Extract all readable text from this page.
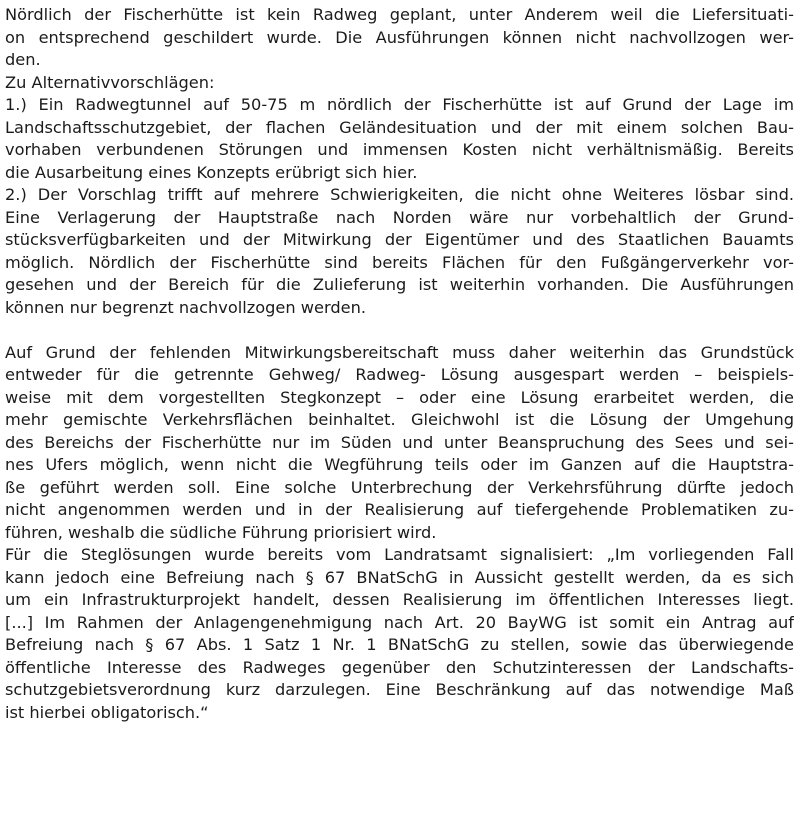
Nördlich der Fischerhütte ist kein Radweg geplant, unter Anderem weil die Liefersituati-
on entsprechend geschildert wurde. Die Ausführungen können nicht nachvollzogen wer-
den.
Zu Alternativvorschlägen:
1.) Ein Radwegtunnel auf 50-75 m nördlich der Fischerhütte ist auf Grund der Lage im
Landschaftsschutzgebiet, der flachen Geländesituation und der mit einem solchen Bau-
vorhaben verbundenen Störungen und immensen Kosten nicht verhältnismäßig. Bereits
die Ausarbeitung eines Konzepts erübrigt sich hier.
2.) Der Vorschlag trifft auf mehrere Schwierigkeiten, die nicht ohne Weiteres lösbar sind.
Eine Verlagerung der Hauptstraße nach Norden wäre nur vorbehaltlich der Grund-
stücksverfügbarkeiten und der Mitwirkung der Eigentümer und des Staatlichen Bauamts
möglich. Nördlich der Fischerhütte sind bereits Flächen für den Fußgängerverkehr vor-
gesehen und der Bereich für die Zulieferung ist weiterhin vorhanden. Die Ausführungen
können nur begrenzt nachvollzogen werden.
Auf Grund der fehlenden Mitwirkungsbereitschaft muss daher weiterhin das Grundstück
entweder für die getrennte Gehweg/ Radweg- Lösung ausgespart werden – beispiels-
weise mit dem vorgestellten Stegkonzept – oder eine Lösung erarbeitet werden, die
mehr gemischte Verkehrsflächen beinhaltet. Gleichwohl ist die Lösung der Umgehung
des Bereichs der Fischerhütte nur im Süden und unter Beanspruchung des Sees und sei-
nes Ufers möglich, wenn nicht die Wegführung teils oder im Ganzen auf die Hauptstra-
ße geführt werden soll. Eine solche Unterbrechung der Verkehrsführung dürfte jedoch
nicht angenommen werden und in der Realisierung auf tiefergehende Problematiken zu-
führen, weshalb die südliche Führung priorisiert wird.
Für die Steglösungen wurde bereits vom Landratsamt signalisiert: „Im vorliegenden Fall
kann jedoch eine Befreiung nach § 67 BNatSchG in Aussicht gestellt werden, da es sich
um ein Infrastrukturprojekt handelt, dessen Realisierung im öffentlichen Interesses liegt.
[...] Im Rahmen der Anlagengenehmigung nach Art. 20 BayWG ist somit ein Antrag auf
Befreiung nach § 67 Abs. 1 Satz 1 Nr. 1 BNatSchG zu stellen, sowie das überwiegende
öffentliche Interesse des Radweges gegenüber den Schutzinteressen der Landschafts-
schutzgebietsverordnung kurz darzulegen. Eine Beschränkung auf das notwendige Maß
ist hierbei obligatorisch.“
